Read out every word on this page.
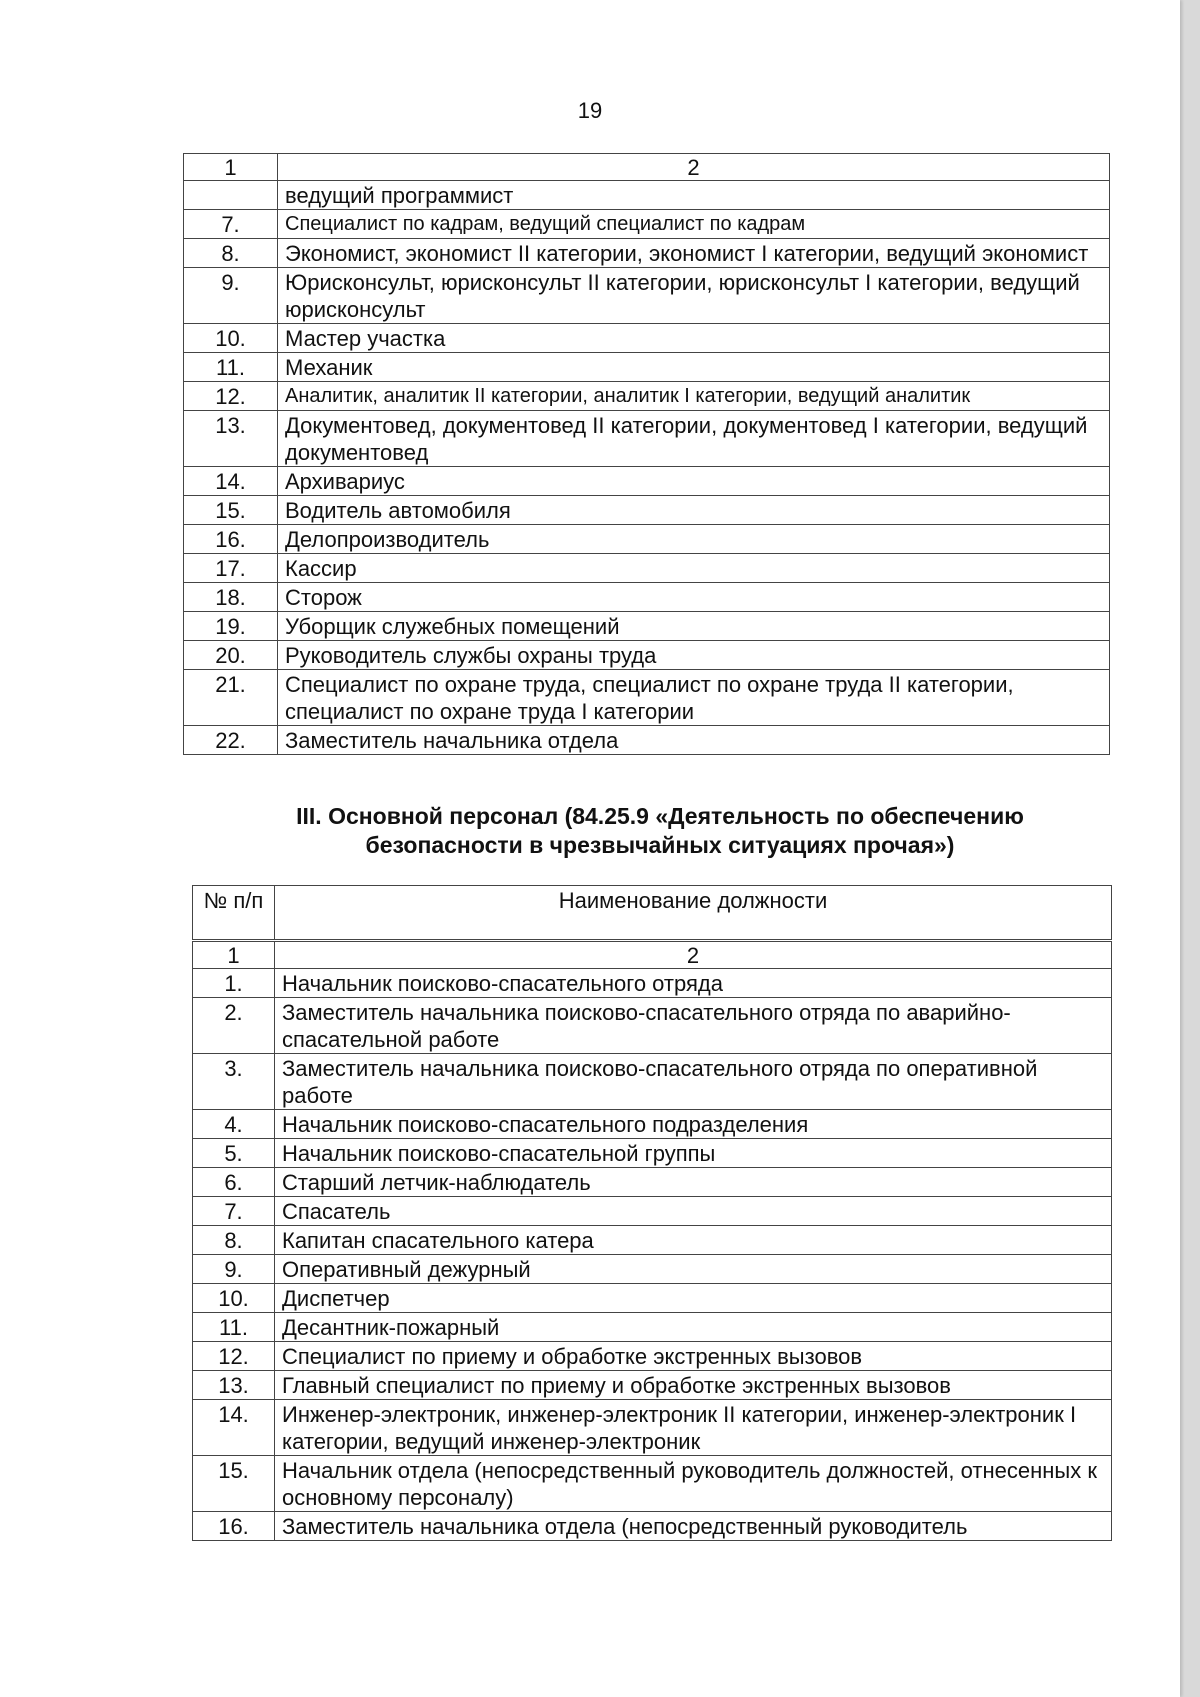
19
1	2
	ведущий программист
7.	Специалист по кадрам, ведущий специалист по кадрам
8.	Экономист, экономист II категории, экономист I категории, ведущий экономист
9.	Юрисконсульт, юрисконсульт II категории, юрисконсульт I категории, ведущий юрисконсульт
10.	Мастер участка
11.	Механик
12.	Аналитик, аналитик II категории, аналитик I категории, ведущий аналитик
13.	Документовед, документовед II категории, документовед I категории, ведущий документовед
14.	Архивариус
15.	Водитель автомобиля
16.	Делопроизводитель
17.	Кассир
18.	Сторож
19.	Уборщик служебных помещений
20.	Руководитель службы охраны труда
21.	Специалист по охране труда, специалист по охране труда II категории, специалист по охране труда I категории
22.	Заместитель начальника отдела
III. Основной персонал (84.25.9 «Деятельность по обеспечению
безопасности в чрезвычайных ситуациях прочая»)
№ п/п	Наименование должности
1	2
1.	Начальник поисково-спасательного отряда
2.	Заместитель начальника поисково-спасательного отряда по аварийно-спасательной работе
3.	Заместитель начальника поисково-спасательного отряда по оперативной работе
4.	Начальник поисково-спасательного подразделения
5.	Начальник поисково-спасательной группы
6.	Старший летчик-наблюдатель
7.	Спасатель
8.	Капитан спасательного катера
9.	Оперативный дежурный
10.	Диспетчер
11.	Десантник-пожарный
12.	Специалист по приему и обработке экстренных вызовов
13.	Главный специалист по приему и обработке экстренных вызовов
14.	Инженер-электроник, инженер-электроник II категории, инженер-электроник I категории, ведущий инженер-электроник
15.	Начальник отдела (непосредственный руководитель должностей, отнесенных к основному персоналу)
16.	Заместитель начальника отдела (непосредственный руководитель
